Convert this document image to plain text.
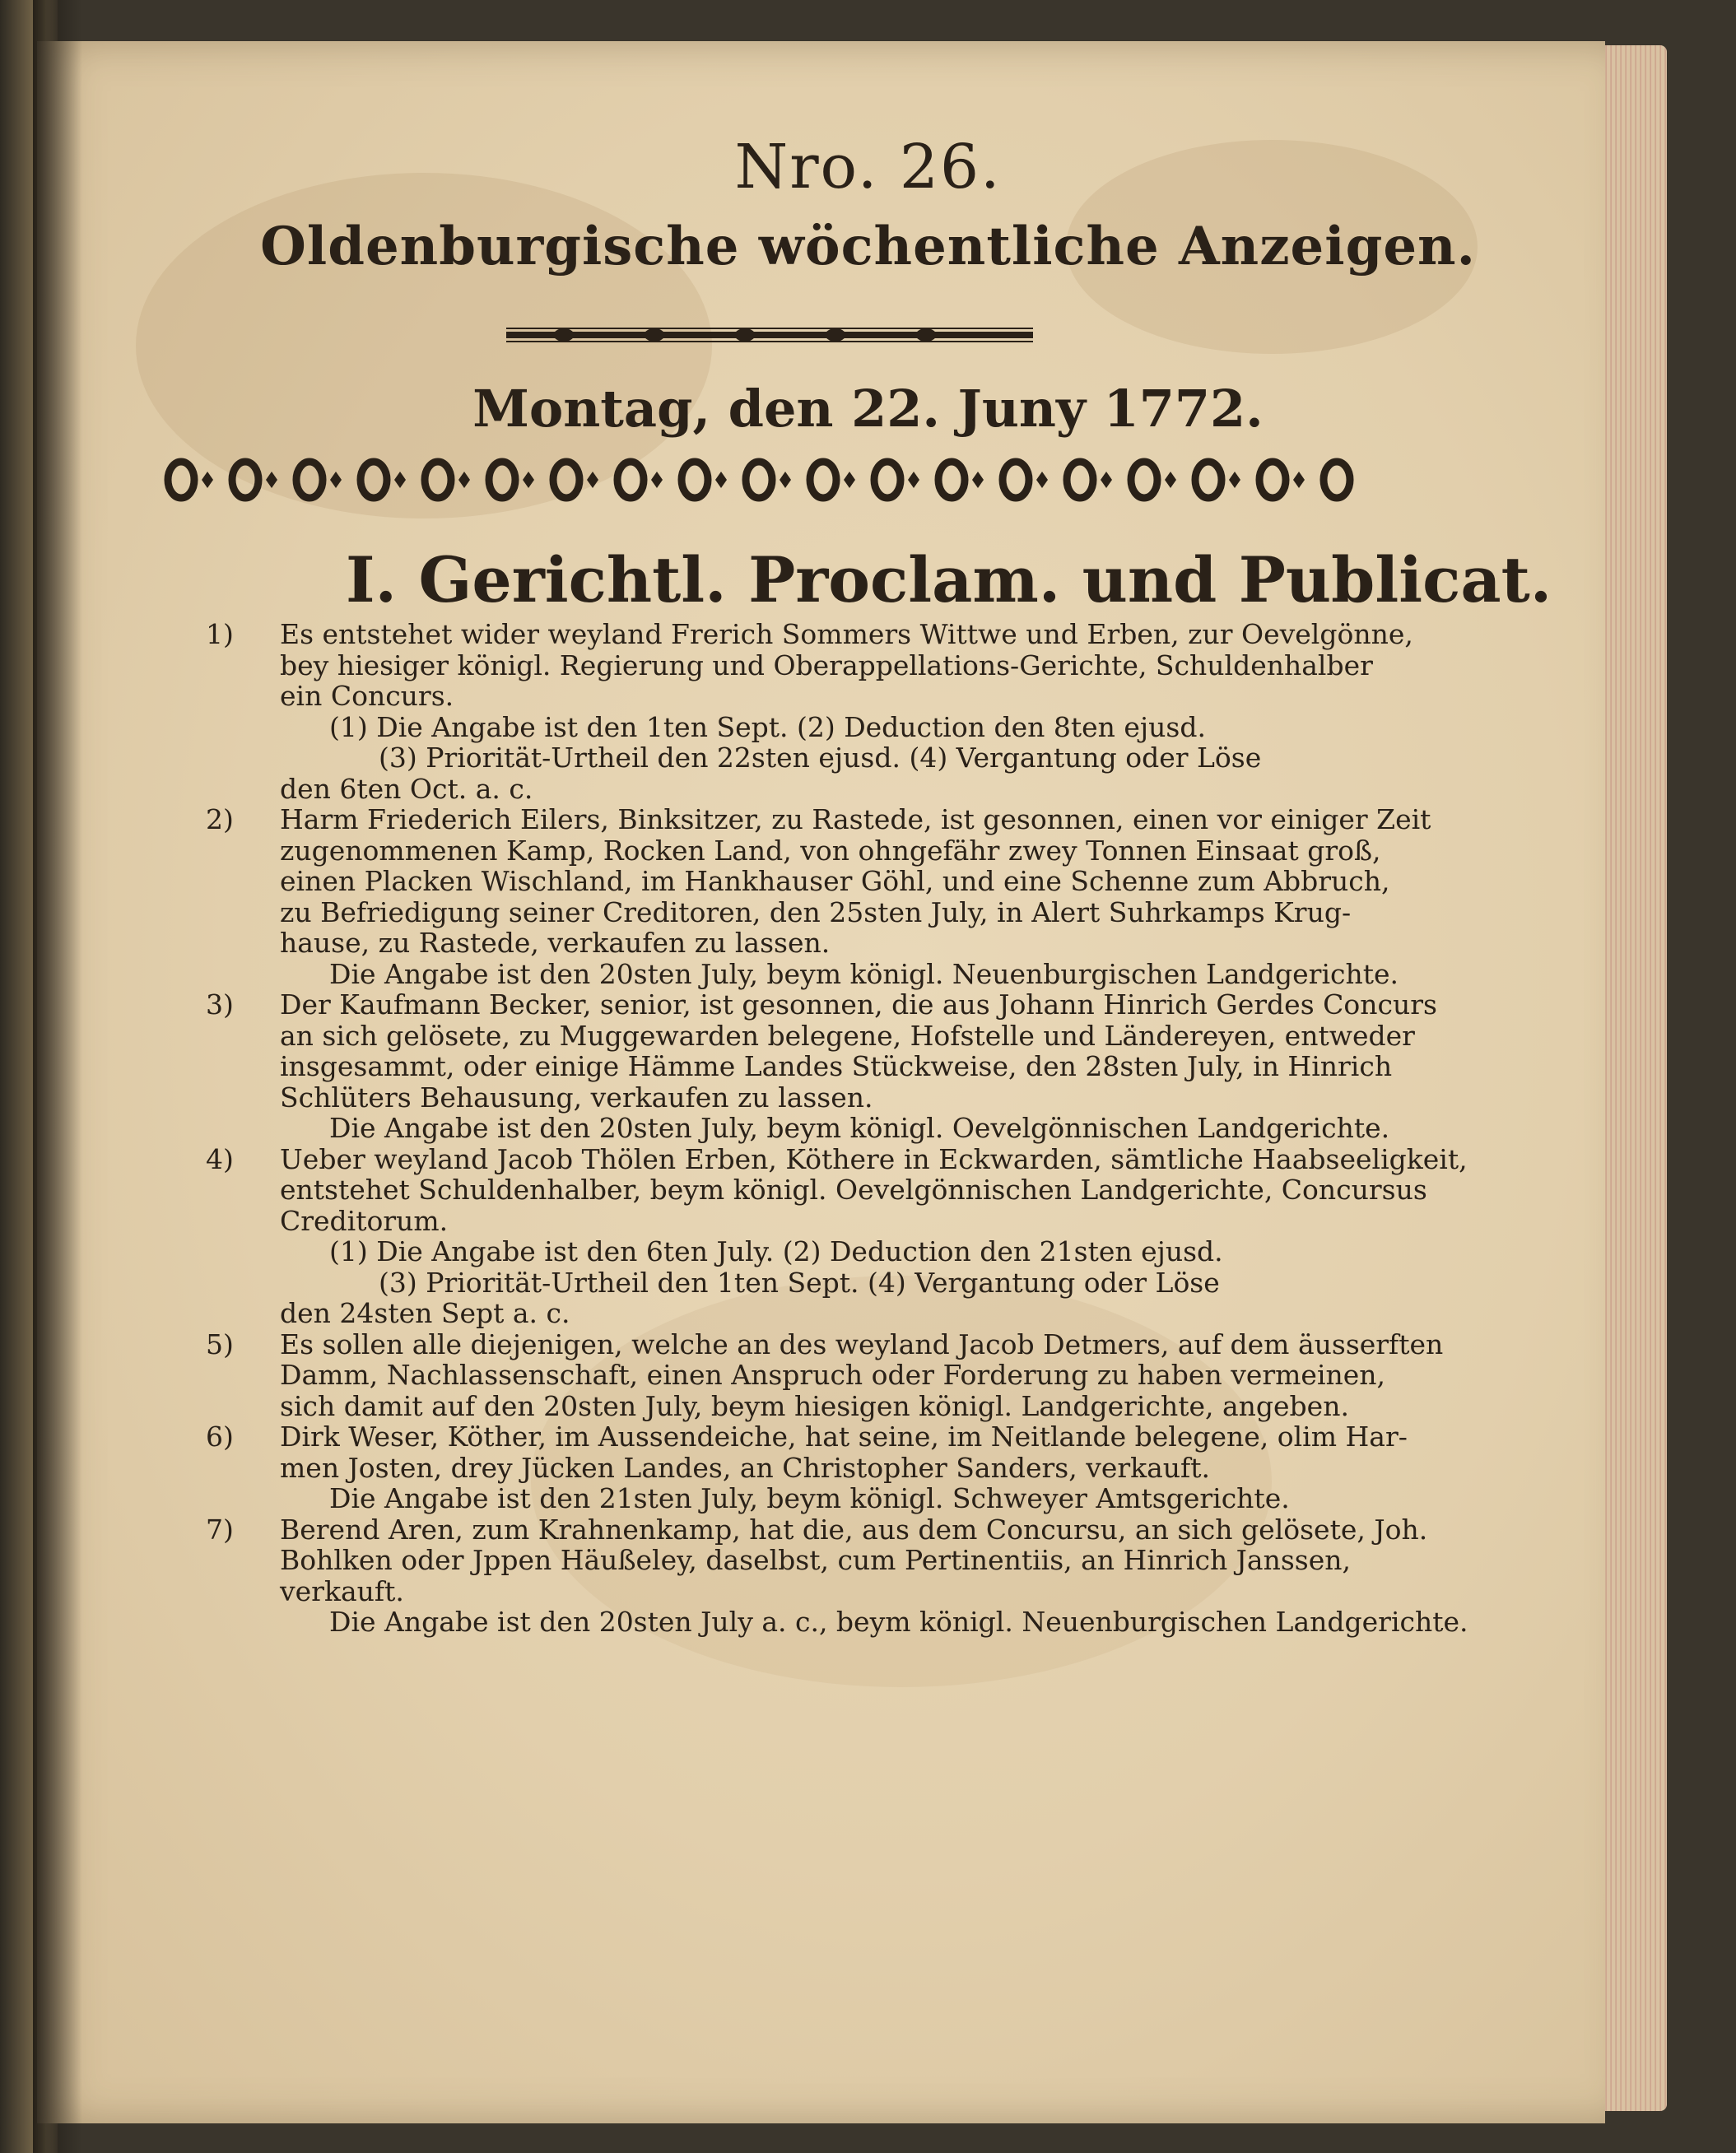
Nro. 26.
Oldenburgische wöchentliche Anzeigen.
Montag, den 22. Juny 1772.
I. Gerichtl. Proclam. und Publicat.
1)	Es entstehet wider weyland Frerich Sommers Wittwe und Erben, zur Oevelgönne,
bey hiesiger königl. Regierung und Oberappellations-Gerichte, Schuldenhalber
ein Concurs.
(1) Die Angabe ist den 1ten Sept. (2) Deduction den 8ten ejusd.
(3) Priorität-Urtheil den 22sten ejusd. (4) Vergantung oder Löse
den 6ten Oct. a. c.
2)	Harm Friederich Eilers, Binksitzer, zu Rastede, ist gesonnen, einen vor einiger Zeit
zugenommenen Kamp, Rocken Land, von ohngefähr zwey Tonnen Einsaat groß,
einen Placken Wischland, im Hankhauser Göhl, und eine Schenne zum Abbruch,
zu Befriedigung seiner Creditoren, den 25sten July, in Alert Suhrkamps Krug-
hause, zu Rastede, verkaufen zu lassen.
Die Angabe ist den 20sten July, beym königl. Neuenburgischen Landgerichte.
3)	Der Kaufmann Becker, senior, ist gesonnen, die aus Johann Hinrich Gerdes Concurs
an sich gelösete, zu Muggewarden belegene, Hofstelle und Ländereyen, entweder
insgesammt, oder einige Hämme Landes Stückweise, den 28sten July, in Hinrich
Schlüters Behausung, verkaufen zu lassen.
Die Angabe ist den 20sten July, beym königl. Oevelgönnischen Landgerichte.
4)	Ueber weyland Jacob Thölen Erben, Köthere in Eckwarden, sämtliche Haabseeligkeit,
entstehet Schuldenhalber, beym königl. Oevelgönnischen Landgerichte, Concursus
Creditorum.
(1) Die Angabe ist den 6ten July. (2) Deduction den 21sten ejusd.
(3) Priorität-Urtheil den 1ten Sept. (4) Vergantung oder Löse
den 24sten Sept a. c.
5)	Es sollen alle diejenigen, welche an des weyland Jacob Detmers, auf dem äusserften
Damm, Nachlassenschaft, einen Anspruch oder Forderung zu haben vermeinen,
sich damit auf den 20sten July, beym hiesigen königl. Landgerichte, angeben.
6)	Dirk Weser, Köther, im Aussendeiche, hat seine, im Neitlande belegene, olim Har-
men Josten, drey Jücken Landes, an Christopher Sanders, verkauft.
Die Angabe ist den 21sten July, beym königl. Schweyer Amtsgerichte.
7)	Berend Aren, zum Krahnenkamp, hat die, aus dem Concursu, an sich gelösete, Joh.
Bohlken oder Jppen Häußeley, daselbst, cum Pertinentiis, an Hinrich Janssen,
verkauft.
Die Angabe ist den 20sten July a. c., beym königl. Neuenburgischen Landgerichte.
